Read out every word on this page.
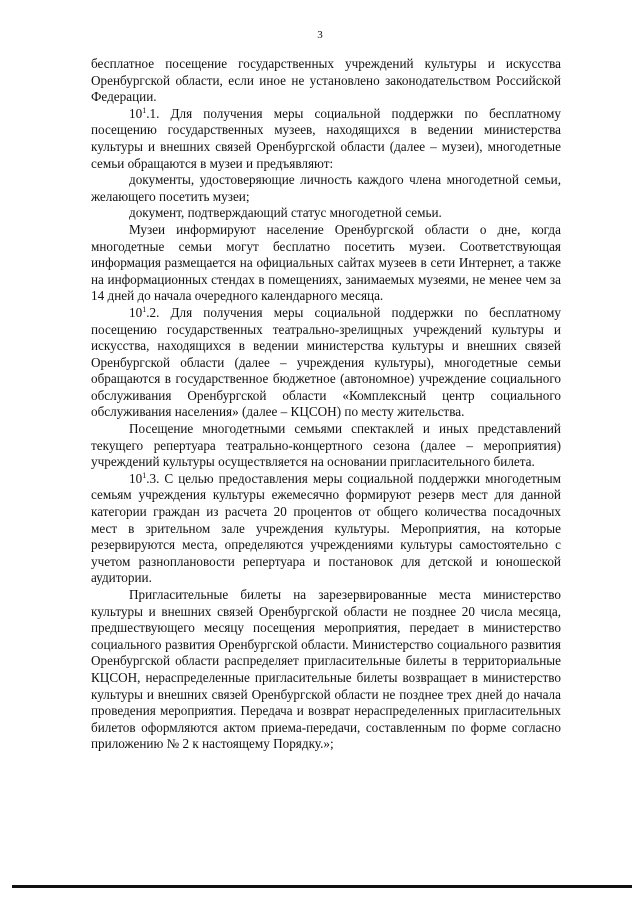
3

бесплатное посещение государственных учреждений культуры и искусства Оренбургской области, если иное не установлено законодательством Российской Федерации.

$10^1.1$. Для получения меры социальной поддержки по бесплатному посещению государственных музеев, находящихся в ведении министерства культуры и внешних связей Оренбургской области (далее – музеи), многодетные семьи обращаются в музеи и предъявляют:

документы, удостоверяющие личность каждого члена многодетной семьи, желающего посетить музеи;

документ, подтверждающий статус многодетной семьи.

Музеи информируют население Оренбургской области о дне, когда многодетные семьи могут бесплатно посетить музеи. Соответствующая информация размещается на официальных сайтах музеев в сети Интернет, а также на информационных стендах в помещениях, занимаемых музеями, не менее чем за 14 дней до начала очередного календарного месяца.

$10^1.2$. Для получения меры социальной поддержки по бесплатному посещению государственных театрально-зрелищных учреждений культуры и искусства, находящихся в ведении министерства культуры и внешних связей Оренбургской области (далее – учреждения культуры), многодетные семьи обращаются в государственное бюджетное (автономное) учреждение социального обслуживания Оренбургской области «Комплексный центр социального обслуживания населения» (далее – КЦСОН) по месту жительства.

Посещение многодетными семьями спектаклей и иных представлений текущего репертуара театрально-концертного сезона (далее – мероприятия) учреждений культуры осуществляется на основании пригласительного билета.

$10^1.3$. С целью предоставления меры социальной поддержки многодетным семьям учреждения культуры ежемесячно формируют резерв мест для данной категории граждан из расчета 20 процентов от общего количества посадочных мест в зрительном зале учреждения культуры. Мероприятия, на которые резервируются места, определяются учреждениями культуры самостоятельно с учетом разноплановости репертуара и постановок для детской и юношеской аудитории.

Пригласительные билеты на зарезервированные места министерство культуры и внешних связей Оренбургской области не позднее 20 числа месяца, предшествующего месяцу посещения мероприятия, передает в министерство социального развития Оренбургской области. Министерство социального развития Оренбургской области распределяет пригласительные билеты в территориальные КЦСОН, нераспределенные пригласительные билеты возвращает в министерство культуры и внешних связей Оренбургской области не позднее трех дней до начала проведения мероприятия. Передача и возврат нераспределенных пригласительных билетов оформляются актом приема-передачи, составленным по форме согласно приложению № 2 к настоящему Порядку.»;
